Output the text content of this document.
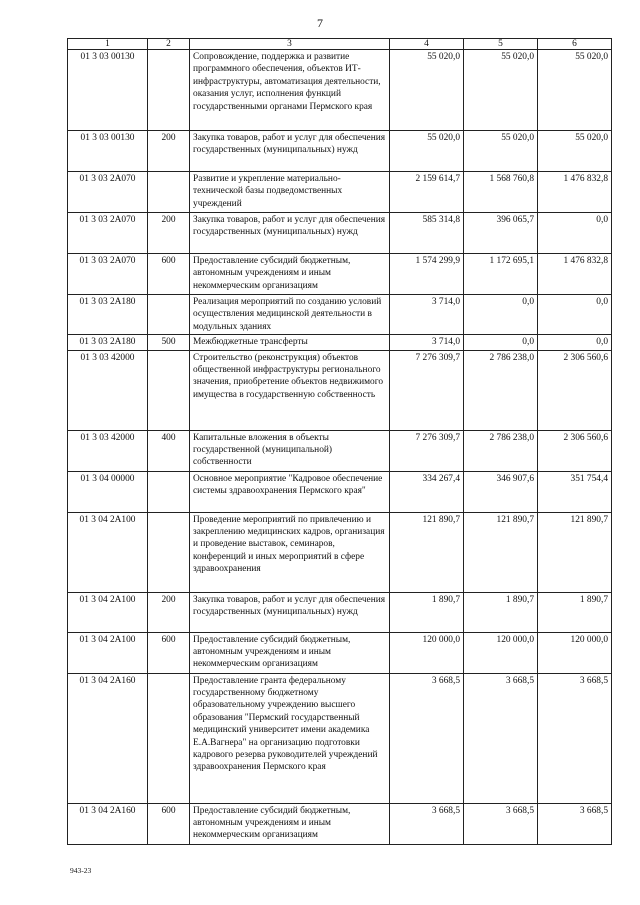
7
1	2	3	4	5	6
01 3 03 00130		Сопровождение, поддержка и развитие программного обеспечения, объектов ИТ-инфраструктуры, автоматизация деятельности, оказания услуг, исполнения функций государственными органами Пермского края	55 020,0	55 020,0	55 020,0
01 3 03 00130	200	Закупка товаров, работ и услуг для обеспечения государственных (муниципальных) нужд	55 020,0	55 020,0	55 020,0
01 3 03 2А070		Развитие и укрепление материально-технической базы подведомственных учреждений	2 159 614,7	1 568 760,8	1 476 832,8
01 3 03 2А070	200	Закупка товаров, работ и услуг для обеспечения государственных (муниципальных) нужд	585 314,8	396 065,7	0,0
01 3 03 2А070	600	Предоставление субсидий бюджетным, автономным учреждениям и иным некоммерческим организациям	1 574 299,9	1 172 695,1	1 476 832,8
01 3 03 2А180		Реализация мероприятий по созданию условий осуществления медицинской деятельности в модульных зданиях	3 714,0	0,0	0,0
01 3 03 2А180	500	Межбюджетные трансферты	3 714,0	0,0	0,0
01 3 03 42000		Строительство (реконструкция) объектов общественной инфраструктуры регионального значения, приобретение объектов недвижимого имущества в государственную собственность	7 276 309,7	2 786 238,0	2 306 560,6
01 3 03 42000	400	Капитальные вложения в объекты государственной (муниципальной) собственности	7 276 309,7	2 786 238,0	2 306 560,6
01 3 04 00000		Основное мероприятие "Кадровое обеспечение системы здравоохранения Пермского края"	334 267,4	346 907,6	351 754,4
01 3 04 2А100		Проведение мероприятий по привлечению и закреплению медицинских кадров, организация и проведение выставок, семинаров, конференций и иных мероприятий в сфере здравоохранения	121 890,7	121 890,7	121 890,7
01 3 04 2А100	200	Закупка товаров, работ и услуг для обеспечения государственных (муниципальных) нужд	1 890,7	1 890,7	1 890,7
01 3 04 2А100	600	Предоставление субсидий бюджетным, автономным учреждениям и иным некоммерческим организациям	120 000,0	120 000,0	120 000,0
01 3 04 2А160		Предоставление гранта федеральному государственному бюджетному образовательному учреждению высшего образования "Пермский государственный медицинский университет имени академика Е.А.Вагнера" на организацию подготовки кадрового резерва руководителей учреждений здравоохранения Пермского края	3 668,5	3 668,5	3 668,5
01 3 04 2А160	600	Предоставление субсидий бюджетным, автономным учреждениям и иным некоммерческим организациям	3 668,5	3 668,5	3 668,5
943-23
